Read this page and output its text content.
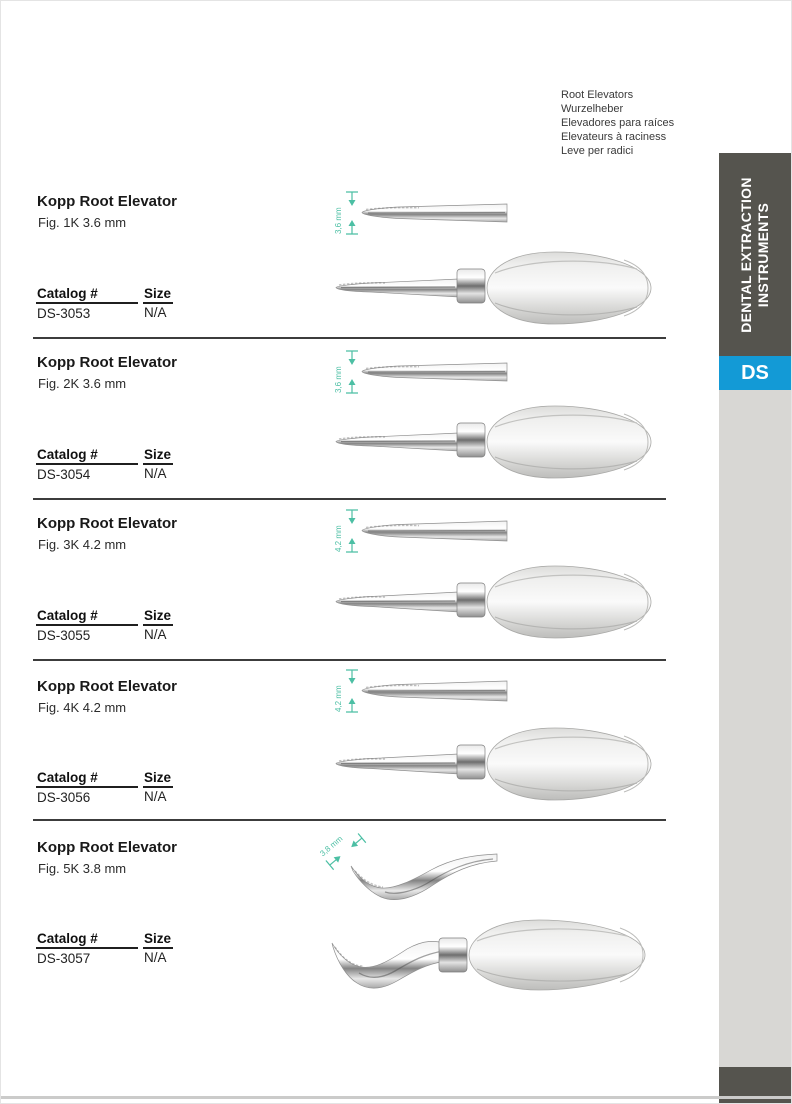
Root Elevators
Wurzelheber
Elevadores para raíces
Elevateurs à raciness
Leve per radici
DENTAL EXTRACTION INSTRUMENTS
DS
Kopp Root Elevator
Fig. 1K 3.6 mm
Catalog #	Size
DS-3053	N/A
3,6 mm
Kopp Root Elevator
Fig. 2K 3.6 mm
Catalog #	Size
DS-3054	N/A
3,6 mm
Kopp Root Elevator
Fig. 3K 4.2 mm
Catalog #	Size
DS-3055	N/A
4,2 mm
Kopp Root Elevator
Fig. 4K 4.2 mm
Catalog #	Size
DS-3056	N/A
4,2 mm
Kopp Root Elevator
Fig. 5K 3.8 mm
Catalog #	Size
DS-3057	N/A
3,8 mm
